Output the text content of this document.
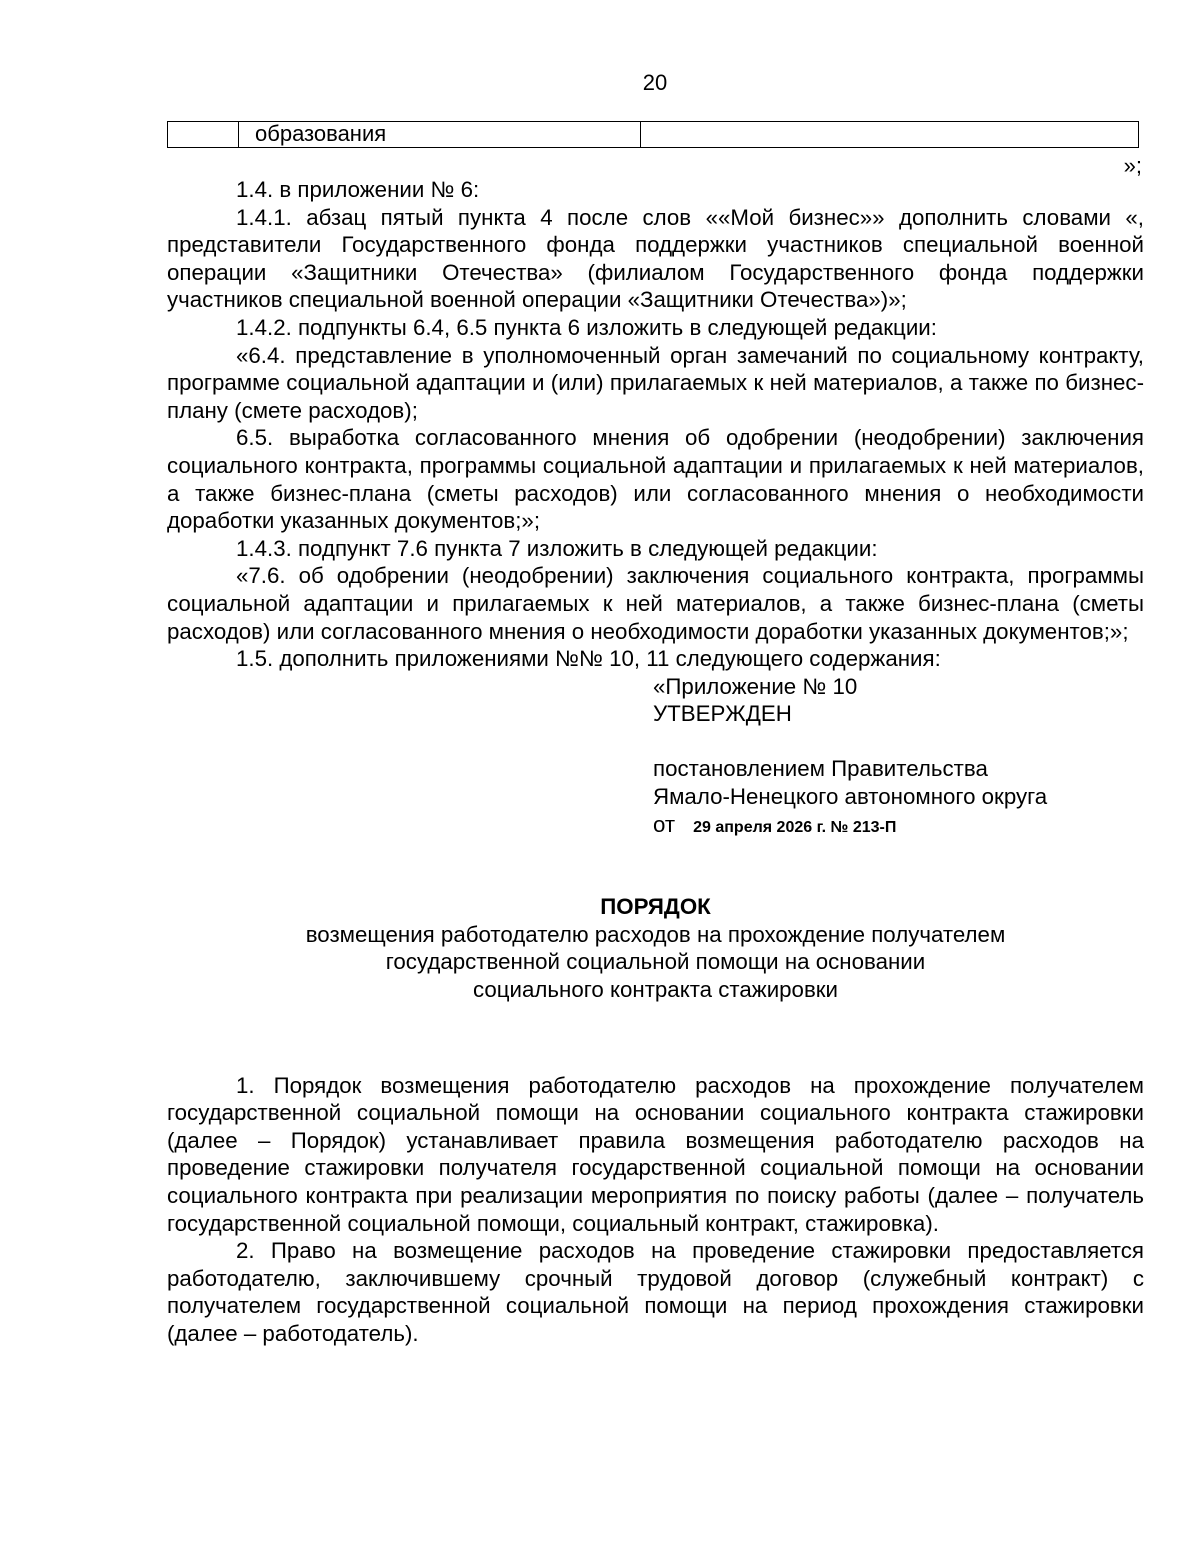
20
	образования	
»;

1.4. в приложении № 6:

1.4.1. абзац пятый пункта 4 после слов ««Мой бизнес»» дополнить словами «, представители Государственного фонда поддержки участников специальной военной операции «Защитники Отечества» (филиалом Государственного фонда поддержки участников специальной военной операции «Защитники Отечества»)»;

1.4.2. подпункты 6.4, 6.5 пункта 6 изложить в следующей редакции:

«6.4. представление в уполномоченный орган замечаний по социальному контракту, программе социальной адаптации и (или) прилагаемых к ней материалов, а также по бизнес-плану (смете расходов);

6.5. выработка согласованного мнения об одобрении (неодобрении) заключения социального контракта, программы социальной адаптации и прилагаемых к ней материалов, а также бизнес-плана (сметы расходов) или согласованного мнения о необходимости доработки указанных документов;»;

1.4.3. подпункт 7.6 пункта 7 изложить в следующей редакции:

«7.6. об одобрении (неодобрении) заключения социального контракта, программы социальной адаптации и прилагаемых к ней материалов, а также бизнес-плана (сметы расходов) или согласованного мнения о необходимости доработки указанных документов;»;

1.5. дополнить приложениями №№ 10, 11 следующего содержания:

«Приложение № 10
УТВЕРЖДЕН
постановлением Правительства
Ямало-Ненецкого автономного округа
от 29 апреля 2026 г. № 213-П
ПОРЯДОК
возмещения работодателю расходов на прохождение получателем
государственной социальной помощи на основании
социального контракта стажировки

1. Порядок возмещения работодателю расходов на прохождение получателем государственной социальной помощи на основании социального контракта стажировки (далее – Порядок) устанавливает правила возмещения работодателю расходов на проведение стажировки получателя государственной социальной помощи на основании социального контракта при реализации мероприятия по поиску работы (далее – получатель государственной социальной помощи, социальный контракт, стажировка).

2. Право на возмещение расходов на проведение стажировки предоставляется работодателю, заключившему срочный трудовой договор (служебный контракт) с получателем государственной социальной помощи на период прохождения стажировки (далее – работодатель).
